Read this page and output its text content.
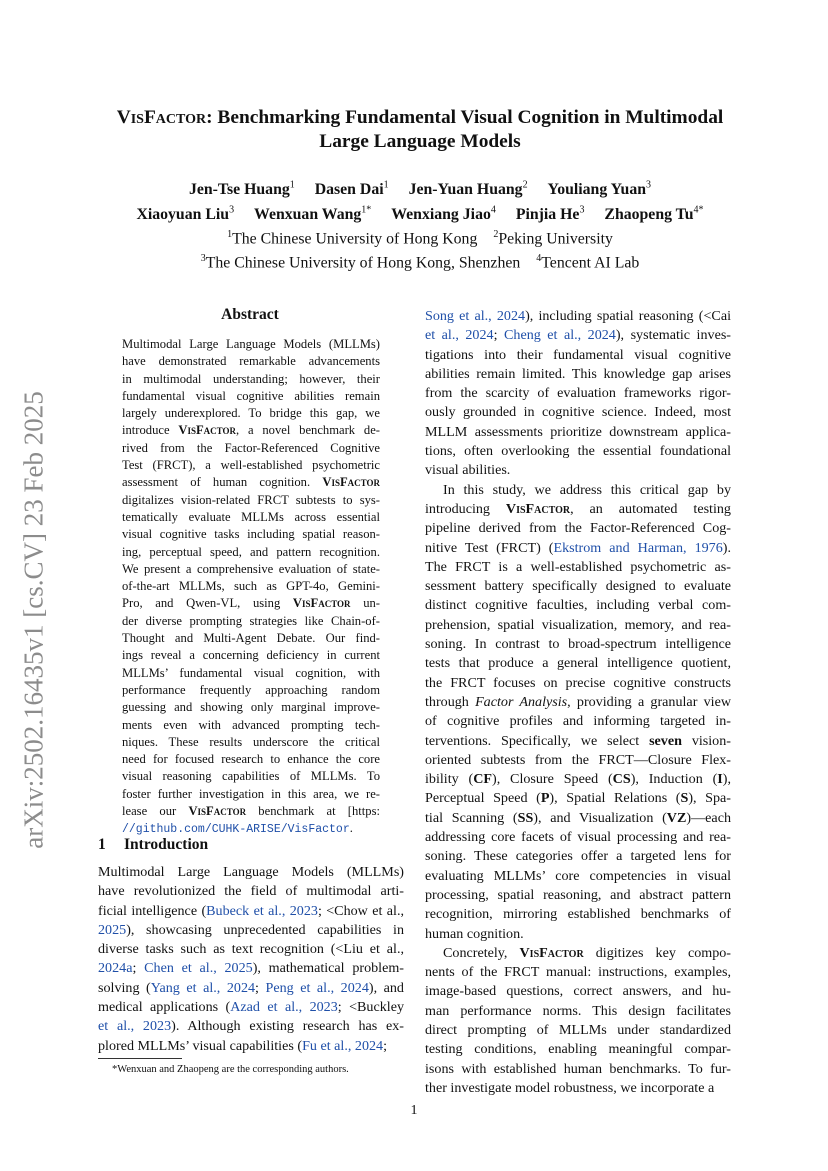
arXiv:2502.16435v1 [cs.CV] 23 Feb 2025
VisFactor: Benchmarking Fundamental Visual Cognition in Multimodal
Large Language Models
Jen-Tse Huang$^1$ Dasen Dai$^1$ Jen-Yuan Huang$^2$ Youliang Yuan$^3$
Xiaoyuan Liu$^3$ Wenxuan Wang$^{1*}$ Wenxiang Jiao$^4$ Pinjia He$^3$ Zhaopeng $Tu^{4*}$
$^1$The Chinese University of Hong Kong $^2$Peking University
$^3$The Chinese University of Hong Kong, Shenzhen $^4$Tencent AI Lab
Abstract
Multimodal Large Language Models (MLLMs)
have demonstrated remarkable advancements
in multimodal understanding; however, their
fundamental visual cognitive abilities remain
largely underexplored. To bridge this gap, we
introduce VisFactor, a novel benchmark de-
rived from the Factor-Referenced Cognitive
Test (FRCT), a well-established psychometric
assessment of human cognition. VisFactor
digitalizes vision-related FRCT subtests to sys-
tematically evaluate MLLMs across essential
visual cognitive tasks including spatial reason-
ing, perceptual speed, and pattern recognition.
We present a comprehensive evaluation of state-
of-the-art MLLMs, such as GPT-4o, Gemini-
Pro, and Qwen-VL, using VisFactor un-
der diverse prompting strategies like Chain-of-
Thought and Multi-Agent Debate. Our find-
ings reveal a concerning deficiency in current
MLLMs’ fundamental visual cognition, with
performance frequently approaching random
guessing and showing only marginal improve-
ments even with advanced prompting tech-
niques. These results underscore the critical
need for focused research to enhance the core
visual reasoning capabilities of MLLMs. To
foster further investigation in this area, we re-
lease our VisFactor benchmark at [https:
//github.com/CUHK-ARISE/VisFactor.
1 Introduction
Multimodal Large Language Models (MLLMs)
have revolutionized the field of multimodal arti-
ficial intelligence (Bubeck et al., 2023; <Chow et al.,
2025), showcasing unprecedented capabilities in
diverse tasks such as text recognition (<Liu et al.,
2024a; Chen et al., 2025), mathematical problem-
solving (Yang et al., 2024; Peng et al., 2024), and
medical applications (Azad et al., 2023; <Buckley
et al., 2023). Although existing research has ex-
plored MLLMs’ visual capabilities (Fu et al., 2024;
*Wenxuan and Zhaopeng are the corresponding authors.
Song et al., 2024), including spatial reasoning (<Cai
et al., 2024; Cheng et al., 2024), systematic inves-
tigations into their fundamental visual cognitive
abilities remain limited. This knowledge gap arises
from the scarcity of evaluation frameworks rigor-
ously grounded in cognitive science. Indeed, most
MLLM assessments prioritize downstream applica-
tions, often overlooking the essential foundational
visual abilities.
In this study, we address this critical gap by
introducing VisFactor, an automated testing
pipeline derived from the Factor-Referenced Cog-
nitive Test (FRCT) (Ekstrom and Harman, 1976).
The FRCT is a well-established psychometric as-
sessment battery specifically designed to evaluate
distinct cognitive faculties, including verbal com-
prehension, spatial visualization, memory, and rea-
soning. In contrast to broad-spectrum intelligence
tests that produce a general intelligence quotient,
the FRCT focuses on precise cognitive constructs
through Factor Analysis, providing a granular view
of cognitive profiles and informing targeted in-
terventions. Specifically, we select seven vision-
oriented subtests from the FRCT—Closure Flex-
ibility (CF), Closure Speed (CS), Induction (I),
Perceptual Speed (P), Spatial Relations (S), Spa-
tial Scanning (SS), and Visualization (VZ)—each
addressing core facets of visual processing and rea-
soning. These categories offer a targeted lens for
evaluating MLLMs’ core competencies in visual
processing, spatial reasoning, and abstract pattern
recognition, mirroring established benchmarks of
human cognition.
Concretely, VisFactor digitizes key compo-
nents of the FRCT manual: instructions, examples,
image-based questions, correct answers, and hu-
man performance norms. This design facilitates
direct prompting of MLLMs under standardized
testing conditions, enabling meaningful compar-
isons with established human benchmarks. To fur-
ther investigate model robustness, we incorporate a
1
